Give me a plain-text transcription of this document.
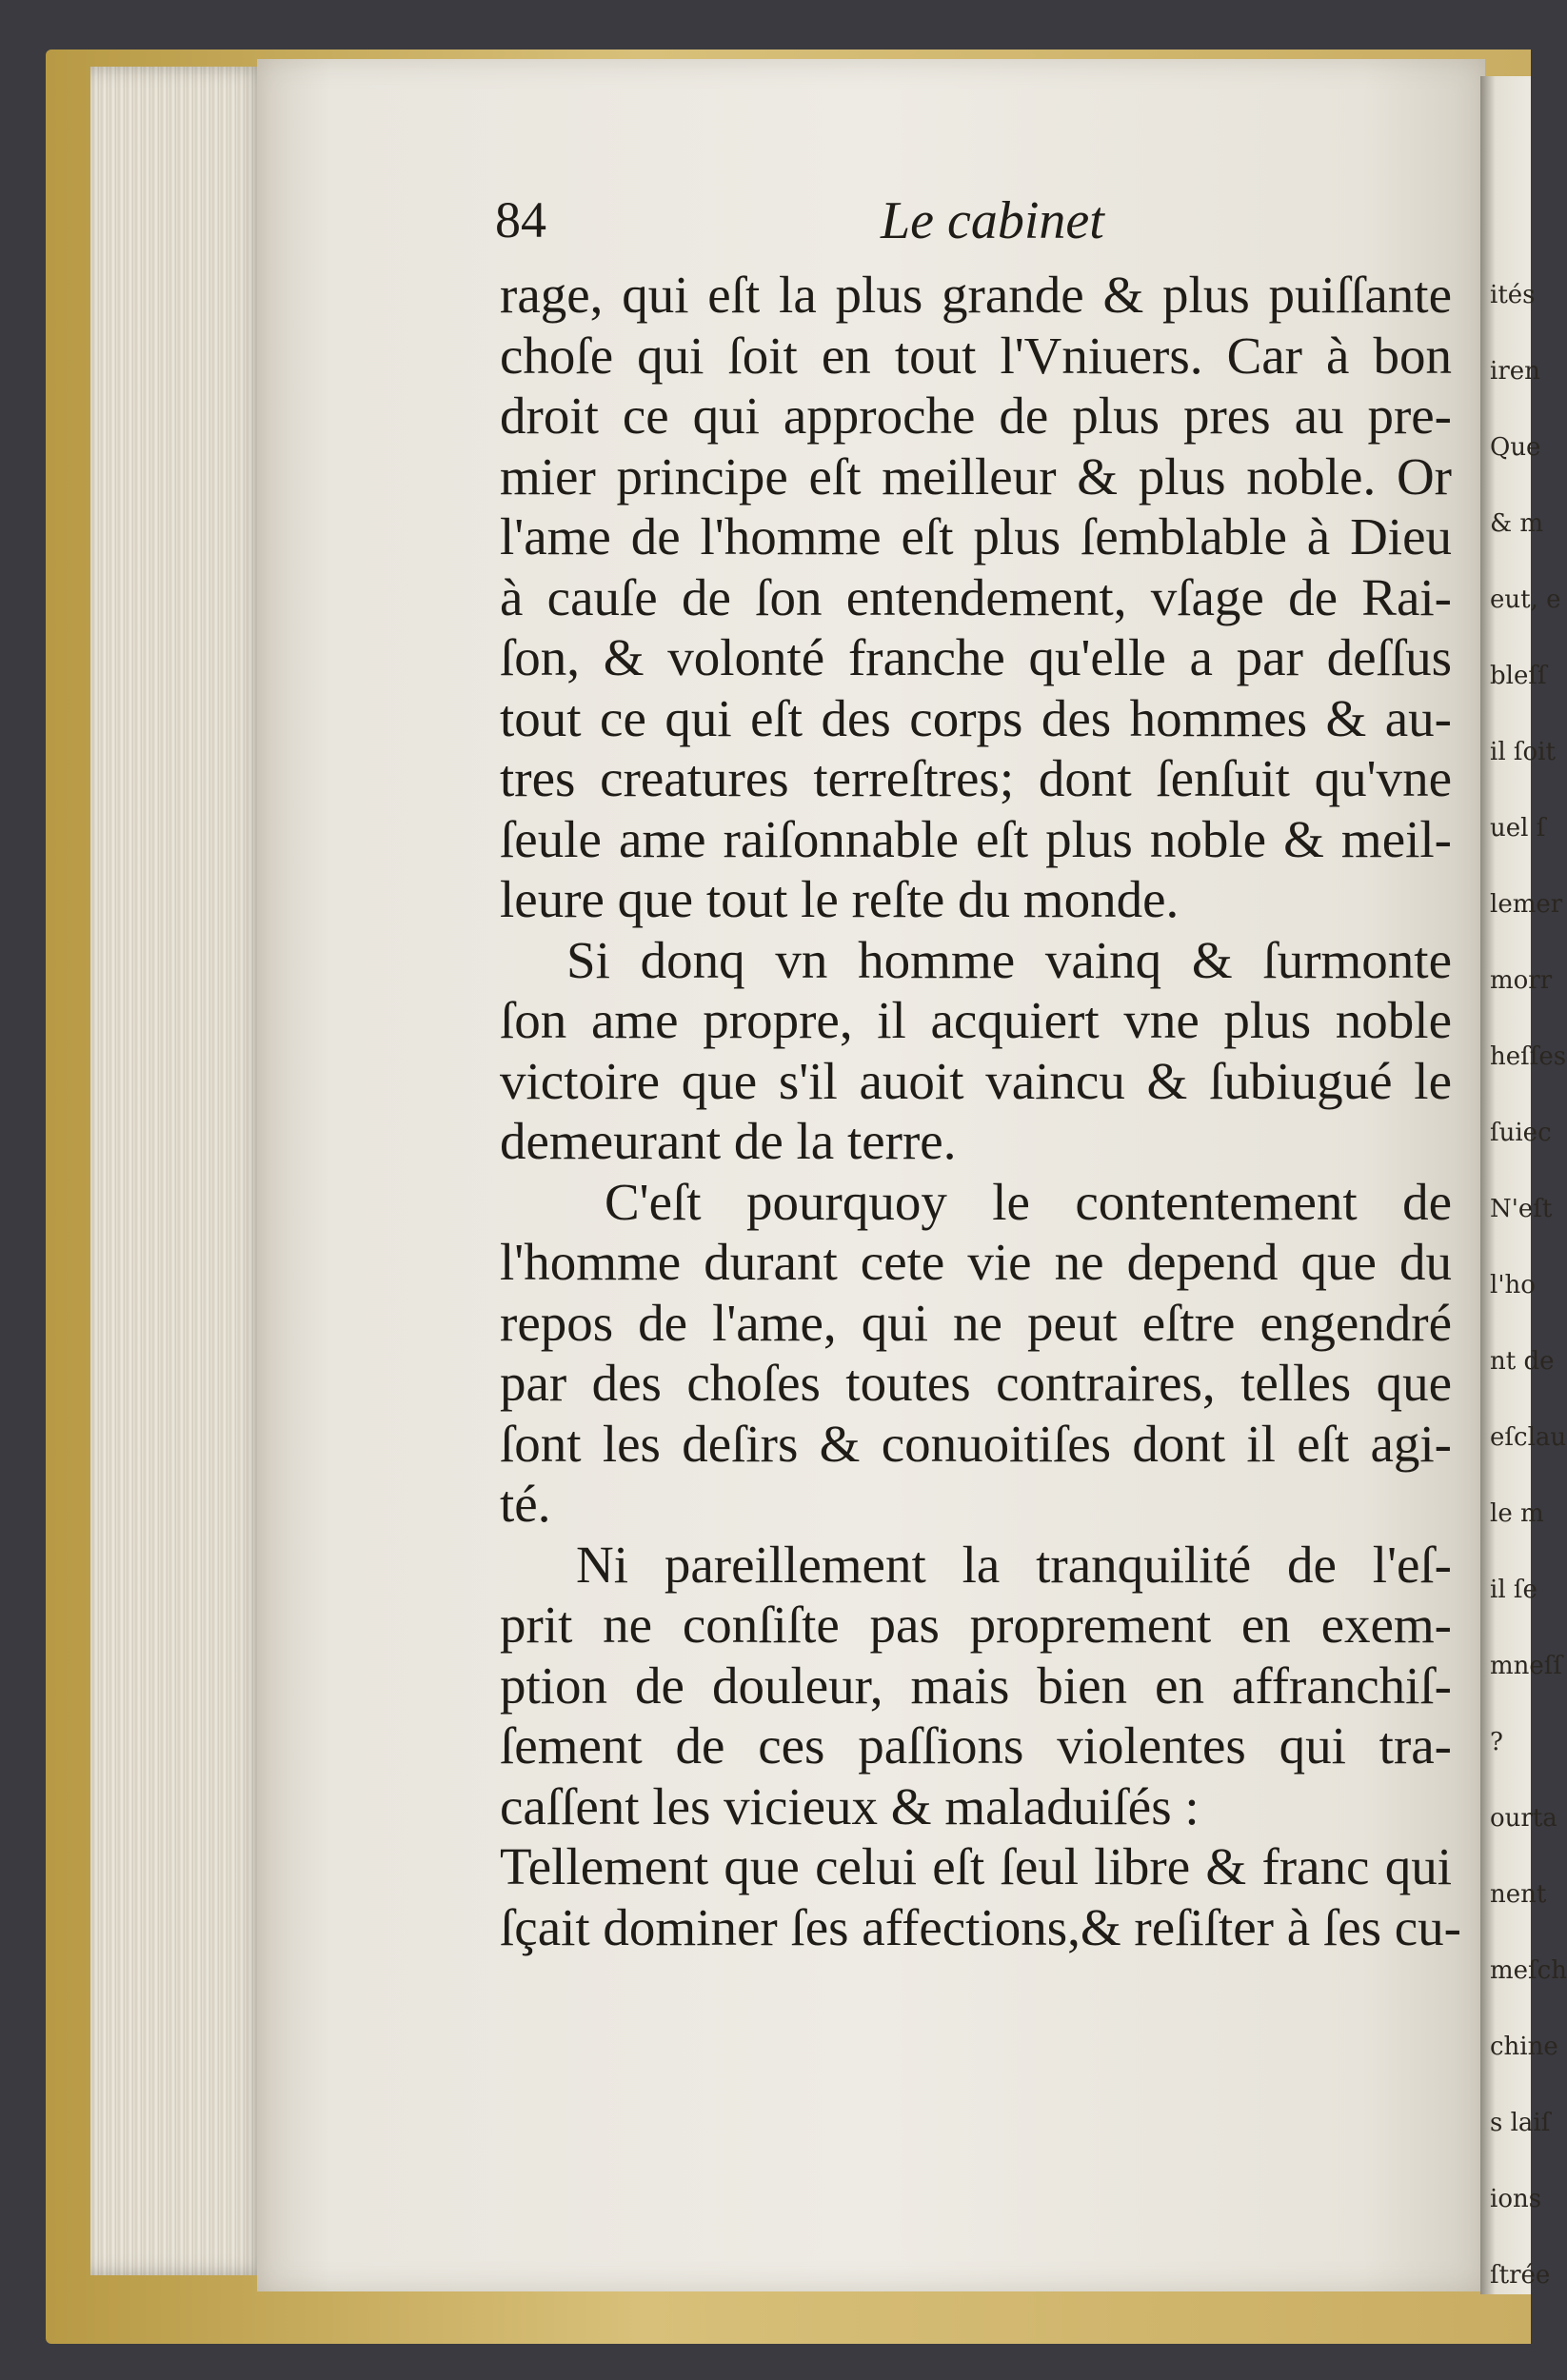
ités
iren
Que
& m
eut, e
bleſſ
il ſoit
uel ſ
lemer
morr
heſſes
ſuiec
N'eſt
l'ho
nt de
eſclau
le m
il ſe
mneſſ
?
ourta
nent
meſch
chine
s laiſ
ions
ſtrée
84	Le cabinet
rage, qui eſt la plus grande & plus puiſſante
choſe qui ſoit en tout l'Vniuers. Car à bon
droit ce qui approche de plus pres au pre-
mier principe eſt meilleur & plus noble. Or
l'ame de l'homme eſt plus ſemblable à Dieu
à cauſe de ſon entendement, vſage de Rai-
ſon, & volonté franche qu'elle a par deſſus
tout ce qui eſt des corps des hommes & au-
tres creatures terreſtres; dont ſenſuit qu'vne
ſeule ame raiſonnable eſt plus noble & meil-
leure que tout le reſte du monde.
Si donq vn homme vainq & ſurmonte
ſon ame propre, il acquiert vne plus noble
victoire que s'il auoit vaincu & ſubiugué le
demeurant de la terre.
C'eſt pourquoy le contentement de
l'homme durant cete vie ne depend que du
repos de l'ame, qui ne peut eſtre engendré
par des choſes toutes contraires, telles que
ſont les deſirs & conuoitiſes dont il eſt agi-
té.
Ni pareillement la tranquilité de l'eſ-
prit ne conſiſte pas proprement en exem-
ption de douleur, mais bien en affranchiſ-
ſement de ces paſſions violentes qui tra-
caſſent les vicieux & maladuiſés :
Tellement que celui eſt ſeul libre & franc qui
ſçait dominer ſes affections,& reſiſter à ſes cu-
